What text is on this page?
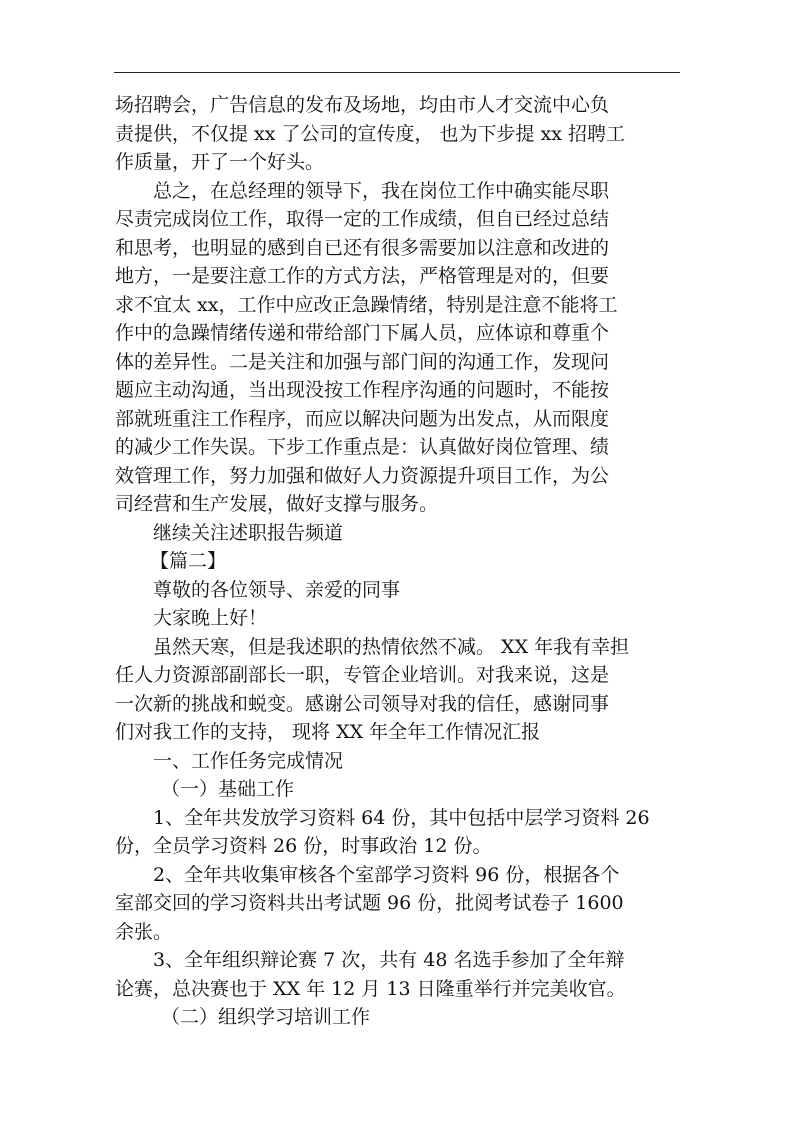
场招聘会，广告信息的发布及场地，均由市人才交流中心负
责提供，不仅提 xx 了公司的宣传度， 也为下步提 xx 招聘工
作质量，开了一个好头。
总之，在总经理的领导下，我在岗位工作中确实能尽职
尽责完成岗位工作，取得一定的工作成绩，但自已经过总结
和思考，也明显的感到自已还有很多需要加以注意和改进的
地方，一是要注意工作的方式方法，严格管理是对的，但要
求不宜太 xx，工作中应改正急躁情绪，特别是注意不能将工
作中的急躁情绪传递和带给部门下属人员，应体谅和尊重个
体的差异性。二是关注和加强与部门间的沟通工作，发现问
题应主动沟通，当出现没按工作程序沟通的问题时，不能按
部就班重注工作程序，而应以解决问题为出发点，从而限度
的减少工作失误。下步工作重点是：认真做好岗位管理、绩
效管理工作，努力加强和做好人力资源提升项目工作，为公
司经营和生产发展，做好支撑与服务。
继续关注述职报告频道
【篇二】
尊敬的各位领导、亲爱的同事
大家晚上好！
虽然天寒，但是我述职的热情依然不减。 XX 年我有幸担
任人力资源部副部长一职，专管企业培训。对我来说，这是
一次新的挑战和蜕变。感谢公司领导对我的信任，感谢同事
们对我工作的支持， 现将 XX 年全年工作情况汇报
一、工作任务完成情况
（一）基础工作
1、全年共发放学习资料 64 份，其中包括中层学习资料 26
份，全员学习资料 26 份，时事政治 12 份。
2、全年共收集审核各个室部学习资料 96 份，根据各个
室部交回的学习资料共出考试题 96 份，批阅考试卷子 1600
余张。
3、全年组织辩论赛 7 次，共有 48 名选手参加了全年辩
论赛，总决赛也于 XX 年 12 月 13 日隆重举行并完美收官。
（二）组织学习培训工作
